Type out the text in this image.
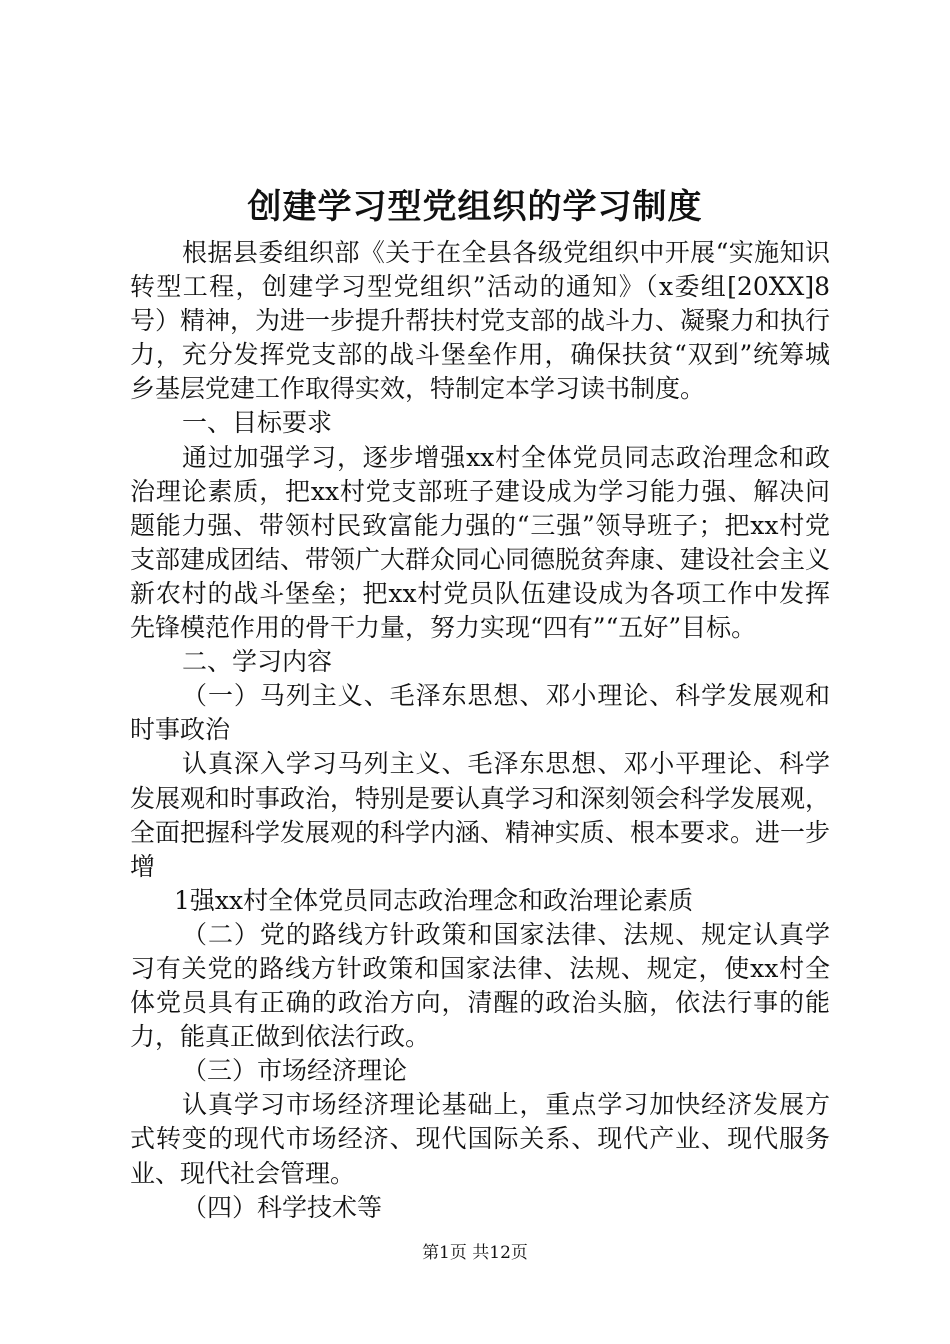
创建学习型党组织的学习制度

根据县委组织部《关于在全县各级党组织中开展“实施知识转型工程，创建学习型党组织”活动的通知》（x委组[20XX]8号）精神，为进一步提升帮扶村党支部的战斗力、凝聚力和执行力，充分发挥党支部的战斗堡垒作用，确保扶贫“双到”统筹城乡基层党建工作取得实效，特制定本学习读书制度。

一、目标要求

通过加强学习，逐步增强xx村全体党员同志政治理念和政治理论素质，把xx村党支部班子建设成为学习能力强、解决问题能力强、带领村民致富能力强的“三强”领导班子；把xx村党支部建成团结、带领广大群众同心同德脱贫奔康、建设社会主义新农村的战斗堡垒；把xx村党员队伍建设成为各项工作中发挥先锋模范作用的骨干力量，努力实现“四有”“五好”目标。

二、学习内容

（一）马列主义、毛泽东思想、邓小理论、科学发展观和时事政治

认真深入学习马列主义、毛泽东思想、邓小平理论、科学发展观和时事政治，特别是要认真学习和深刻领会科学发展观，全面把握科学发展观的科学内涵、精神实质、根本要求。进一步增

1强xx村全体党员同志政治理念和政治理论素质

（二）党的路线方针政策和国家法律、法规、规定认真学习有关党的路线方针政策和国家法律、法规、规定，使xx村全体党员具有正确的政治方向，清醒的政治头脑，依法行事的能力，能真正做到依法行政。

（三）市场经济理论

认真学习市场经济理论基础上，重点学习加快经济发展方式转变的现代市场经济、现代国际关系、现代产业、现代服务业、现代社会管理。

（四）科学技术等

第1页 共12页
